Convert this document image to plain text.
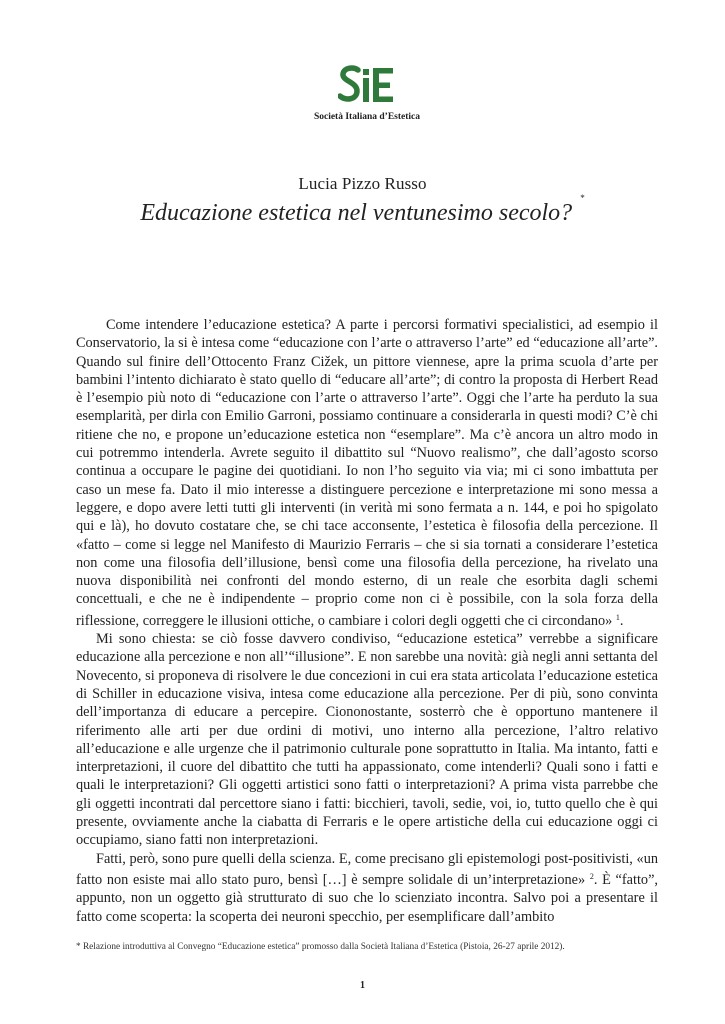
Società Italiana d’Estetica
Lucia Pizzo Russo
Educazione estetica nel ventunesimo secolo?*

Come intendere l’educazione estetica? A parte i percorsi formativi specialistici, ad esempio il Conservatorio, la si è intesa come “educazione con l’arte o attraverso l’arte” ed “educazione all’arte”. Quando sul finire dell’Ottocento Franz Cižek, un pittore viennese, apre la prima scuola d’arte per bambini l’intento dichiarato è stato quello di “educare all’arte”; di contro la proposta di Herbert Read è l’esempio più noto di “educazione con l’arte o attraverso l’arte”. Oggi che l’arte ha perduto la sua esemplarità, per dirla con Emilio Garroni, possiamo continuare a considerarla in questi modi? C’è chi ritiene che no, e propone un’educazione estetica non “esemplare”. Ma c’è ancora un altro modo in cui potremmo intenderla. Avrete seguito il dibattito sul “Nuovo realismo”, che dall’agosto scorso continua a occupare le pagine dei quotidiani. Io non l’ho seguito via via; mi ci sono imbattuta per caso un mese fa. Dato il mio interesse a distinguere percezione e interpretazione mi sono messa a leggere, e dopo avere letti tutti gli interventi (in verità mi sono fermata a n. 144, e poi ho spigolato qui e là), ho dovuto costatare che, se chi tace acconsente, l’estetica è filosofia della percezione. Il «fatto – come si legge nel Manifesto di Maurizio Ferraris – che si sia tornati a considerare l’estetica non come una filosofia dell’illusione, bensì come una filosofia della percezione, ha rivelato una nuova disponibilità nei confronti del mondo esterno, di un reale che esorbita dagli schemi concettuali, e che ne è indipendente – proprio come non ci è possibile, con la sola forza della riflessione, correggere le illusioni ottiche, o cambiare i colori degli oggetti che ci circondano» $^1$.

Mi sono chiesta: se ciò fosse davvero condiviso, “educazione estetica” verrebbe a significare educazione alla percezione e non all’“illusione”. E non sarebbe una novità: già negli anni settanta del Novecento, si proponeva di risolvere le due concezioni in cui era stata articolata l’educazione estetica di Schiller in educazione visiva, intesa come educazione alla percezione. Per di più, sono convinta dell’importanza di educare a percepire. Ciononostante, sosterrò che è opportuno mantenere il riferimento alle arti per due ordini di motivi, uno interno alla percezione, l’altro relativo all’educazione e alle urgenze che il patrimonio culturale pone soprattutto in Italia. Ma intanto, fatti e interpretazioni, il cuore del dibattito che tutti ha appassionato, come intenderli? Quali sono i fatti e quali le interpretazioni? Gli oggetti artistici sono fatti o interpretazioni? A prima vista parrebbe che gli oggetti incontrati dal percettore siano i fatti: bicchieri, tavoli, sedie, voi, io, tutto quello che è qui presente, ovviamente anche la ciabatta di Ferraris e le opere artistiche della cui educazione oggi ci occupiamo, siano fatti non interpretazioni.

Fatti, però, sono pure quelli della scienza. E, come precisano gli epistemologi post-positivisti, «un fatto non esiste mai allo stato puro, bensì […] è sempre solidale di un’interpretazione» $^2$. È “fatto”, appunto, non un oggetto già strutturato di suo che lo scienziato incontra. Salvo poi a presentare il fatto come scoperta: la scoperta dei neuroni specchio, per esemplificare dall’ambito

* Relazione introduttiva al Convegno “Educazione estetica” promosso dalla Società Italiana d’Estetica (Pistoia, 26-27 aprile 2012).
1
